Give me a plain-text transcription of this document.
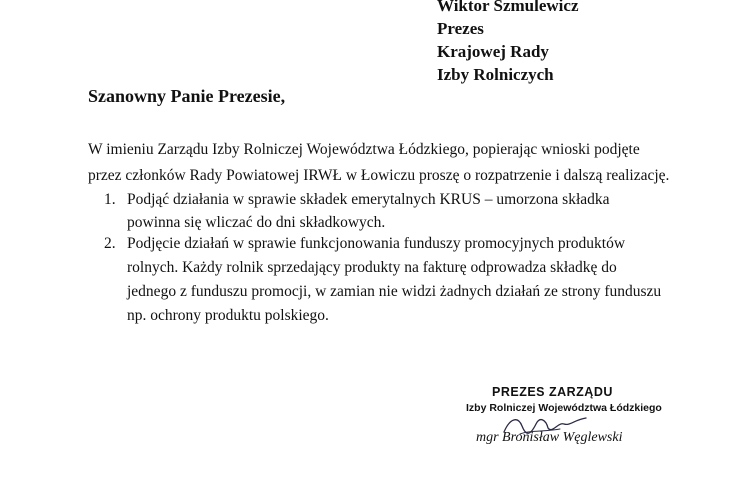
Wiktor Szmulewicz
Prezes
Krajowej Rady
Izby Rolniczych
Szanowny Panie Prezesie,
W imieniu Zarządu Izby Rolniczej Województwa Łódzkiego, popierając wnioski podjęte
przez członków Rady Powiatowej IRWŁ w Łowiczu proszę o rozpatrzenie i dalszą realizację.
1. Podjąć działania w sprawie składek emerytalnych KRUS – umorzona składka
powinna się wliczać do dni składkowych.
2. Podjęcie działań w sprawie funkcjonowania funduszy promocyjnych produktów
rolnych. Każdy rolnik sprzedający produkty na fakturę odprowadza składkę do
jednego z funduszu promocji, w zamian nie widzi żadnych działań ze strony funduszu
np. ochrony produktu polskiego.
PREZES ZARZĄDU
Izby Rolniczej Województwa Łódzkiego
mgr Bronisław Węglewski
